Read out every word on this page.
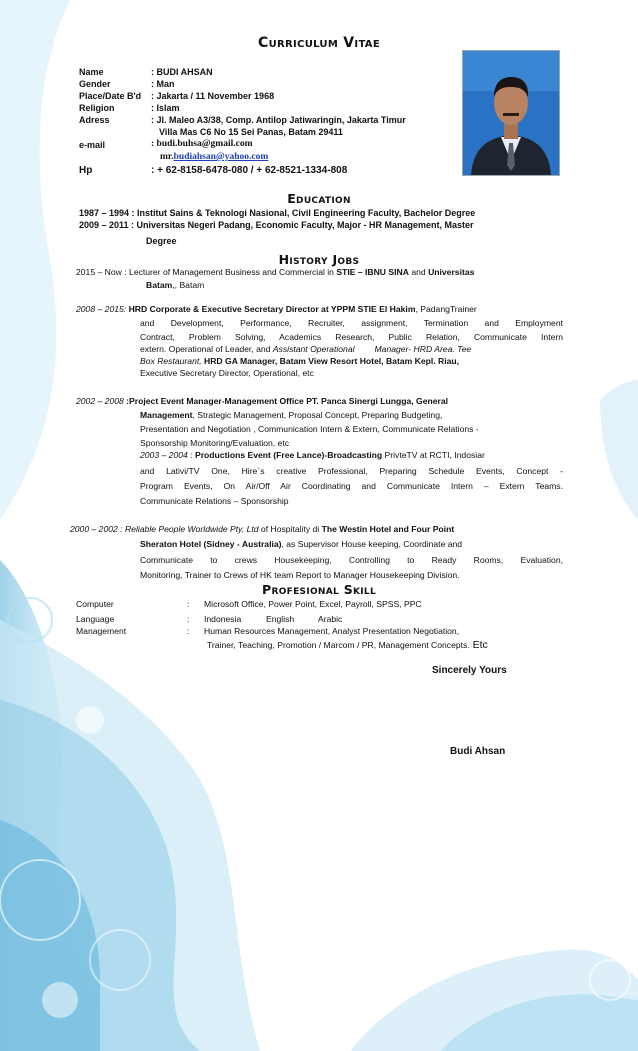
Curriculum Vitae
Name	: BUDI AHSAN
Gender	: Man
Place/Date B'd : Jakarta / 11 November 1968
Religion	: Islam
Adress	: Jl. Maleo A3/38, Comp. Antilop Jatiwaringin, Jakarta Timur
Villa Mas C6 No 15 Sei Panas, Batam 29411
e-mail	: budi.buhsa@gmail.com
mr.budiahsan@yahoo.com
Hp	: + 62-8158-6478-080 / + 62-8521-1334-808
Education
1987 – 1994 : Institut Sains & Teknologi Nasional, Civil Engineering Faculty, Bachelor Degree
2009 – 2011 : Universitas Negeri Padang, Economic Faculty, Major - HR Management, Master
Degree
History Jobs
2015 – Now : Lecturer of Management Business and Commercial in STIE – IBNU SINA and Universitas
Batam,, Batam
2008 – 2015: HRD Corporate & Executive Secretary Director at YPPM STIE El Hakim, PadangTrainer
and Development, Performance, Recruiter, assignment, Termination and Employment
Contract, Problem Solving, Academics Research, Public Relation, Communicate Intern
extern. Operational of Leader, and Assistant Operational Manager- HRD Area. Tee
Box Restaurant, HRD GA Manager, Batam View Resort Hotel, Batam Kepl. Riau,
Executive Secretary Director, Operational, etc
2002 – 2008 :Project Event Manager-Management Office PT. Panca Sinergi Lungga, General
Management, Strategic Management, Proposal Concept, Preparing Budgeting,
Presentation and Negotiation , Communication Intern & Extern, Communicate Relations -
Sponsorship Monitoring/Evaluation, etc
2003 – 2004 : Productions Event (Free Lance)-Broadcasting PrivteTV at RCTI, Indosiar
and Lativi/TV One, Hire`s creative Professional, Preparing Schedule Events, Concept -
Program Events, On Air/Off Air Coordinating and Communicate Intern – Extern Teams.
Communicate Relations – Sponsorship
2000 – 2002 : Reliable People Worldwide Pty, Ltd of Hospitality di The Westin Hotel and Four Point
Sheraton Hotel (Sidney - Australia), as Supervisor House keeping, Coordinate and
Communicate to crews Housekeeping, Controlling to Ready Rooms, Evaluation,
Monitoring, Trainer to Crews of HK team Report to Manager Housekeeping Division.
Profesional Skill
Computer	: Microsoft Office, Power Point, Excel, Payroll, SPSS, PPC
Language	: Indonesia	English	Arabic
Management	: Human Resources Management, Analyst Presentation Negotiation,
Trainer, Teaching, Promotion / Marcom / PR, Management Concepts. Etc
Sincerely Yours
Budi Ahsan
